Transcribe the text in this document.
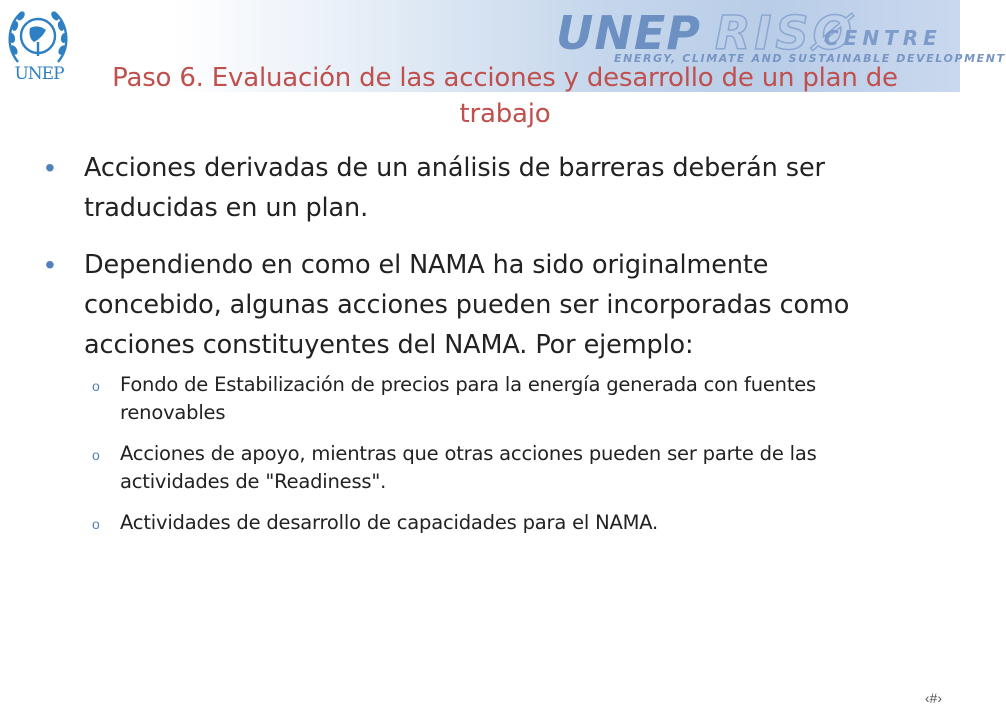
UNEP
UNEP RISØ
CENTRE
ENERGY, CLIMATE AND SUSTAINABLE DEVELOPMENT
Paso 6. Evaluación de las acciones y desarrollo de un plan de trabajo
• Acciones derivadas de un análisis de barreras deberán ser traducidas en un plan.
• Dependiendo en como el NAMA ha sido originalmente concebido, algunas acciones pueden ser incorporadas como acciones constituyentes del NAMA. Por ejemplo:
o Fondo de Estabilización de precios para la energía generada con fuentes renovables
o Acciones de apoyo, mientras que otras acciones pueden ser parte de las actividades de "Readiness".
o Actividades de desarrollo de capacidades para el NAMA.
‹#›
